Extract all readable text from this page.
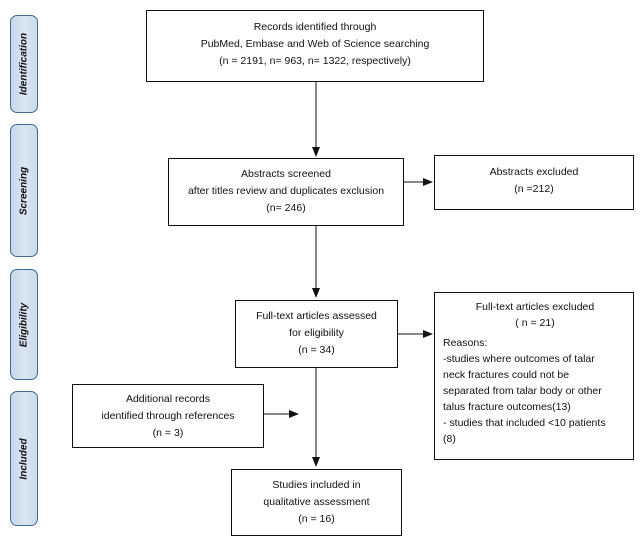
Identification
Screening
Eligibility
Included
Records identified through
PubMed, Embase and Web of Science searching
(n = 2191, n= 963, n= 1322, respectively)
Abstracts screened
after titles review and duplicates exclusion
(n= 246)
Abstracts excluded
(n =212)
Full-text articles assessed
for eligibility
(n = 34)
Full-text articles excluded
( n = 21)
Reasons:
-studies where outcomes of talar
neck fractures could not be
separated from talar body or other
talus fracture outcomes(13)
- studies that included <10 patients
(8)
Additional records
identified through references
(n = 3)
Studies included in
qualitative assessment
(n = 16)
